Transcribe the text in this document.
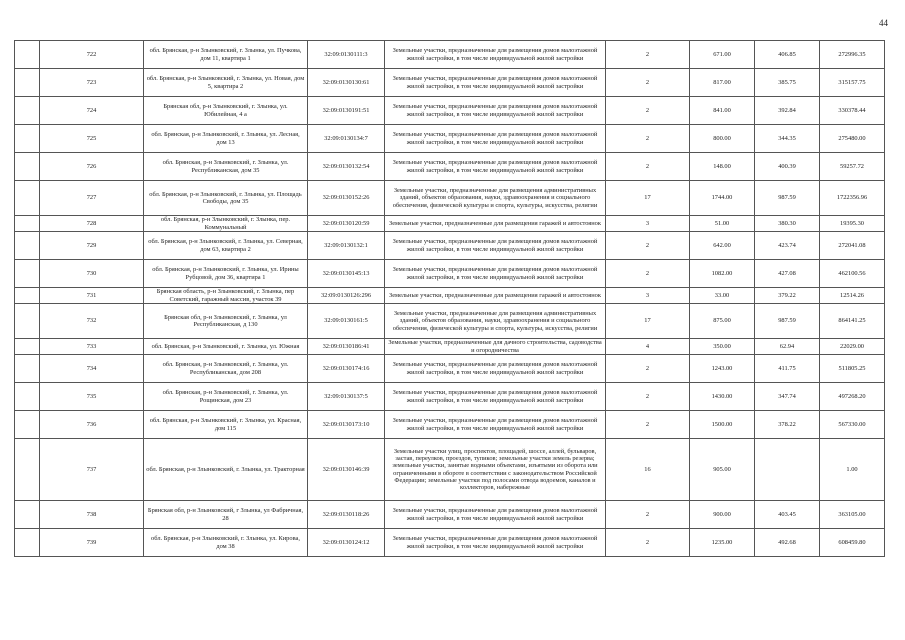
44
	722	обл. Брянская, р-н Злынковский, г. Злынка, ул. Пучкова, дом 11, квартира 1	32:09:0130111:3	Земельные участки, предназначенные для размещения домов малоэтажной жилой застройки, в том числе индивидуальной жилой застройки	2	671.00	406.85	272996.35
	723	обл. Брянская, р-н Злынковский, г. Злынка, ул. Новая, дом 5, квартира 2	32:09:0130130:61	Земельные участки, предназначенные для размещения домов малоэтажной жилой застройки, в том числе индивидуальной жилой застройки	2	817.00	385.75	315157.75
	724	Брянская обл, р-н Злынковский, г. Злынка, ул. Юбилейная, 4 а	32:09:0130191:51	Земельные участки, предназначенные для размещения домов малоэтажной жилой застройки, в том числе индивидуальной жилой застройки	2	841.00	392.84	330378.44
	725	обл. Брянская, р-н Злынковский, г. Злынка, ул. Лесная, дом 13	32:09:0130134:7	Земельные участки, предназначенные для размещения домов малоэтажной жилой застройки, в том числе индивидуальной жилой застройки	2	800.00	344.35	275480.00
	726	обл. Брянская, р-н Злынковский, г. Злынка, ул. Республиканская, дом 35	32:09:0130132:54	Земельные участки, предназначенные для размещения домов малоэтажной жилой застройки, в том числе индивидуальной жилой застройки	2	148.00	400.39	59257.72
	727	обл. Брянская, р-н Злынковский, г. Злынка, ул. Площадь Свободы, дом 35	32:09:0130152:26	Земельные участки, предназначенные для размещения административных зданий, объектов образования, науки, здравоохранения и социального обеспечения, физической культуры и спорта, культуры, искусства, религии	17	1744.00	987.59	1722356.96
	728	обл. Брянская, р-н Злынковский, г. Злынка, пер. Коммунальный	32:09:0130120:59	Земельные участки, предназначенные для размещения гаражей и автостоянок	3	51.00	380.30	19395.30
	729	обл. Брянская, р-н Злынковский, г. Злынка, ул. Северная, дом 63, квартира 2	32:09:0130132:1	Земельные участки, предназначенные для размещения домов малоэтажной жилой застройки, в том числе индивидуальной жилой застройки	2	642.00	423.74	272041.08
	730	обл. Брянская, р-н Злынковский, г. Злынка, ул. Ирины Рубцовой, дом 36, квартира 1	32:09:0130145:13	Земельные участки, предназначенные для размещения домов малоэтажной жилой застройки, в том числе индивидуальной жилой застройки	2	1082.00	427.08	462100.56
	731	Брянская область, р-н Злынковский, г. Злынка, пер Советский, гаражный массив, участок 39	32:09:0130126:296	Земельные участки, предназначенные для размещения гаражей и автостоянок	3	33.00	379.22	12514.26
	732	Брянская обл, р-н Злынковский, г. Злынка, ул Республиканская, д 130	32:09:0130161:5	Земельные участки, предназначенные для размещения административных зданий, объектов образования, науки, здравоохранения и социального обеспечения, физической культуры и спорта, культуры, искусства, религии	17	875.00	987.59	864141.25
	733	обл. Брянская, р-н Злынковский, г. Злынка, ул. Южная	32:09:0130186:41	Земельные участки, предназначенные для дачного строительства, садоводства и огородничества	4	350.00	62.94	22029.00
	734	обл. Брянская, р-н Злынковский, г. Злынка, ул. Республиканская, дом 208	32:09:0130174:16	Земельные участки, предназначенные для размещения домов малоэтажной жилой застройки, в том числе индивидуальной жилой застройки	2	1243.00	411.75	511805.25
	735	обл. Брянская, р-н Злынковский, г. Злынка, ул. Рощинская, дом 23	32:09:0130137:5	Земельные участки, предназначенные для размещения домов малоэтажной жилой застройки, в том числе индивидуальной жилой застройки	2	1430.00	347.74	497268.20
	736	обл. Брянская, р-н Злынковский, г. Злынка, ул. Красная, дом 115	32:09:0130173:10	Земельные участки, предназначенные для размещения домов малоэтажной жилой застройки, в том числе индивидуальной жилой застройки	2	1500.00	378.22	567330.00
	737	обл. Брянская, р-н Злынковский, г. Злынка, ул. Тракторная	32:09:0130146:39	Земельные участки улиц, проспектов, площадей, шоссе, аллей, бульваров, застав, переулков, проездов, тупиков; земельные участки земель резерва; земельные участки, занятые водными объектами, изъятыми из оборота или ограниченными в обороте в соответствии с законодательством Российской Федерации; земельные участки под полосами отвода водоемов, каналов и коллекторов, набережные	16	905.00		1.00
	738	Брянская обл, р-н Злынковский, г Злынка, ул Фабричная, 28	32:09:0130118:26	Земельные участки, предназначенные для размещения домов малоэтажной жилой застройки, в том числе индивидуальной жилой застройки	2	900.00	403.45	363105.00
	739	обл. Брянская, р-н Злынковский, г. Злынка, ул. Кирова, дом 38	32:09:0130124:12	Земельные участки, предназначенные для размещения домов малоэтажной жилой застройки, в том числе индивидуальной жилой застройки	2	1235.00	492.68	608459.80
